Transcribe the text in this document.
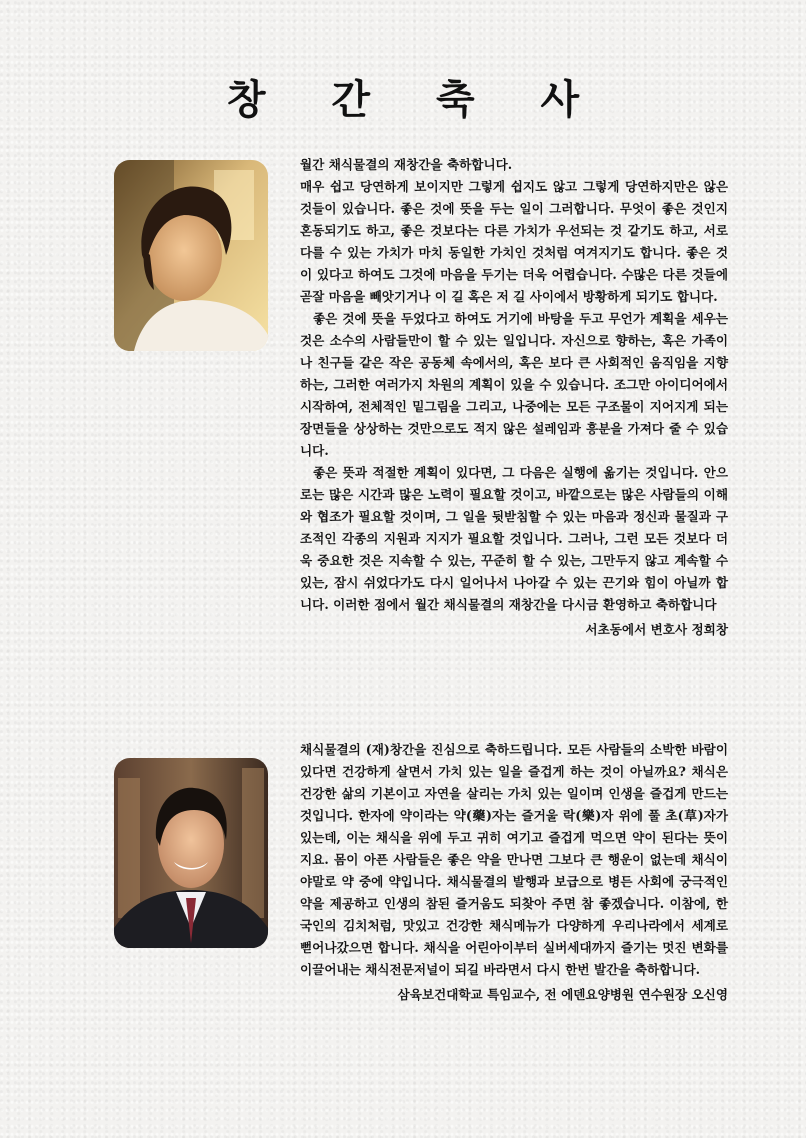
창 간 축 사

월간 채식물결의 재창간을 축하합니다.

매우 쉽고 당연하게 보이지만 그렇게 쉽지도 않고 그렇게 당연하지만은 않은 것들이 있습니다. 좋은 것에 뜻을 두는 일이 그러합니다. 무엇이 좋은 것인지 혼동되기도 하고, 좋은 것보다는 다른 가치가 우선되는 것 같기도 하고, 서로 다를 수 있는 가치가 마치 동일한 가치인 것처럼 여겨지기도 합니다. 좋은 것이 있다고 하여도 그것에 마음을 두기는 더욱 어렵습니다. 수많은 다른 것들에 곧잘 마음을 빼앗기거나 이 길 혹은 저 길 사이에서 방황하게 되기도 합니다.

좋은 것에 뜻을 두었다고 하여도 거기에 바탕을 두고 무언가 계획을 세우는 것은 소수의 사람들만이 할 수 있는 일입니다. 자신으로 향하는, 혹은 가족이나 친구들 같은 작은 공동체 속에서의, 혹은 보다 큰 사회적인 움직임을 지향하는, 그러한 여러가지 차원의 계획이 있을 수 있습니다. 조그만 아이디어에서 시작하여, 전체적인 밑그림을 그리고, 나중에는 모든 구조물이 지어지게 되는 장면들을 상상하는 것만으로도 적지 않은 설레임과 흥분을 가져다 줄 수 있습니다.

좋은 뜻과 적절한 계획이 있다면, 그 다음은 실행에 옮기는 것입니다. 안으로는 많은 시간과 많은 노력이 필요할 것이고, 바깥으로는 많은 사람들의 이해와 협조가 필요할 것이며, 그 일을 뒷받침할 수 있는 마음과 정신과 물질과 구조적인 각종의 지원과 지지가 필요할 것입니다. 그러나, 그런 모든 것보다 더욱 중요한 것은 지속할 수 있는, 꾸준히 할 수 있는, 그만두지 않고 계속할 수 있는, 잠시 쉬었다가도 다시 일어나서 나아갈 수 있는 끈기와 힘이 아닐까 합니다. 이러한 점에서 월간 채식물결의 재창간을 다시금 환영하고 축하합니다

서초동에서 변호사 정희창

채식물결의 (재)창간을 진심으로 축하드립니다. 모든 사람들의 소박한 바람이 있다면 건강하게 살면서 가치 있는 일을 즐겁게 하는 것이 아닐까요? 채식은 건강한 삶의 기본이고 자연을 살리는 가치 있는 일이며 인생을 즐겁게 만드는 것입니다. 한자에 약이라는 약(藥)자는 즐거울 락(樂)자 위에 풀 초(草)자가 있는데, 이는 채식을 위에 두고 귀히 여기고 즐겁게 먹으면 약이 된다는 뜻이지요. 몸이 아픈 사람들은 좋은 약을 만나면 그보다 큰 행운이 없는데 채식이야말로 약 중에 약입니다. 채식물결의 발행과 보급으로 병든 사회에 궁극적인 약을 제공하고 인생의 참된 즐거움도 되찾아 주면 참 좋겠습니다. 이참에, 한국인의 김치처럼, 맛있고 건강한 채식메뉴가 다양하게 우리나라에서 세계로 뻗어나갔으면 합니다. 채식을 어린아이부터 실버세대까지 즐기는 멋진 변화를 이끌어내는 채식전문저널이 되길 바라면서 다시 한번 발간을 축하합니다.

삼육보건대학교 특임교수, 전 에덴요양병원 연수원장 오신영
